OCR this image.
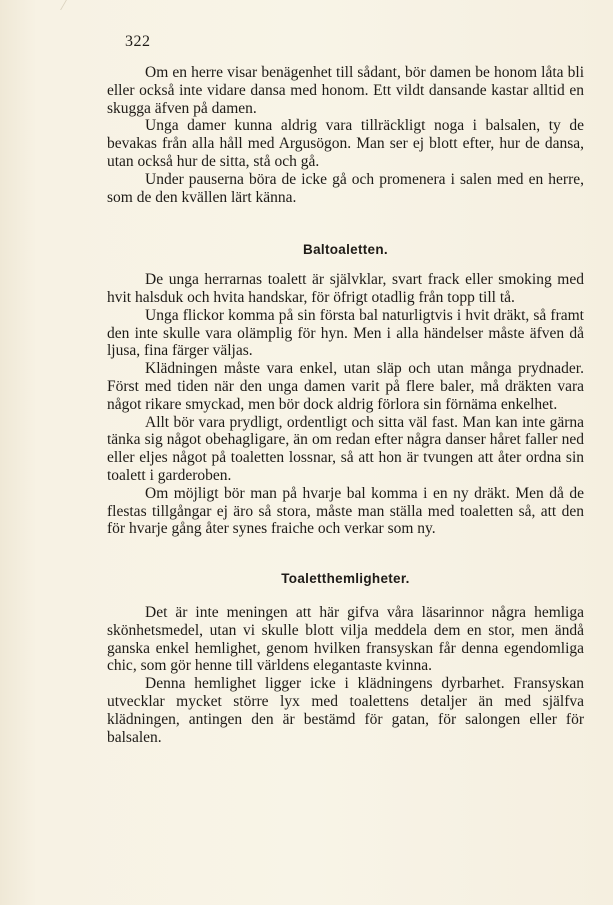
322

Om en herre visar benägenhet till sådant, bör damen be honom låta bli eller också inte vidare dansa med honom. Ett vildt dansande kastar alltid en skugga äfven på damen.

Unga damer kunna aldrig vara tillräckligt noga i balsalen, ty de bevakas från alla håll med Argusögon. Man ser ej blott efter, hur de dansa, utan också hur de sitta, stå och gå.

Under pauserna böra de icke gå och promenera i salen med en herre, som de den kvällen lärt känna.

Baltoaletten.

De unga herrarnas toalett är självklar, svart frack eller smoking med hvit halsduk och hvita handskar, för öfrigt otadlig från topp till tå.

Unga flickor komma på sin första bal naturligtvis i hvit dräkt, så framt den inte skulle vara olämplig för hyn. Men i alla händelser måste äfven då ljusa, fina färger väljas.

Klädningen måste vara enkel, utan släp och utan många prydnader. Först med tiden när den unga damen varit på flere baler, må dräkten vara något rikare smyckad, men bör dock aldrig förlora sin förnäma enkelhet.

Allt bör vara prydligt, ordentligt och sitta väl fast. Man kan inte gärna tänka sig något obehagligare, än om redan efter några danser håret faller ned eller eljes något på toaletten lossnar, så att hon är tvungen att åter ordna sin toalett i garderoben.

Om möjligt bör man på hvarje bal komma i en ny dräkt. Men då de flestas tillgångar ej äro så stora, måste man ställa med toaletten så, att den för hvarje gång åter synes fraiche och verkar som ny.

Toaletthemligheter.

Det är inte meningen att här gifva våra läsarinnor några hemliga skönhetsmedel, utan vi skulle blott vilja meddela dem en stor, men ändå ganska enkel hemlighet, genom hvilken fransyskan får denna egendomliga chic, som gör henne till världens elegantaste kvinna.

Denna hemlighet ligger icke i klädningens dyrbarhet. Fransyskan utvecklar mycket större lyx med toalettens detaljer än med själfva klädningen, antingen den är bestämd för gatan, för salongen eller för balsalen.
